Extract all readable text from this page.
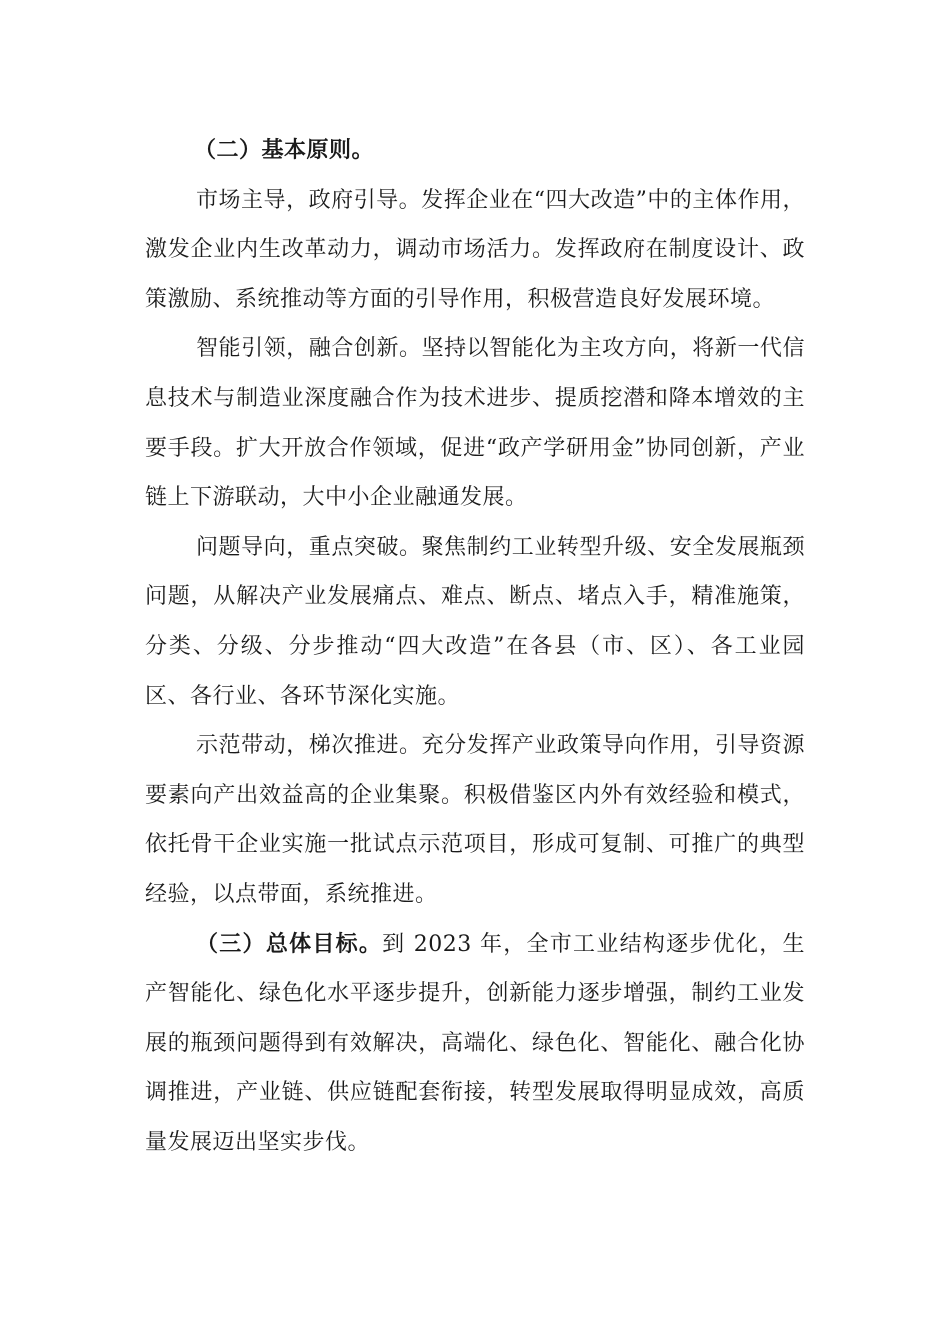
（二）基本原则。

市场主导，政府引导。发挥企业在“四大改造”中的主体作用，激发企业内生改革动力，调动市场活力。发挥政府在制度设计、政策激励、系统推动等方面的引导作用，积极营造良好发展环境。

智能引领，融合创新。坚持以智能化为主攻方向，将新一代信息技术与制造业深度融合作为技术进步、提质挖潜和降本增效的主要手段。扩大开放合作领域，促进“政产学研用金”协同创新，产业链上下游联动，大中小企业融通发展。

问题导向，重点突破。聚焦制约工业转型升级、安全发展瓶颈问题，从解决产业发展痛点、难点、断点、堵点入手，精准施策，分类、分级、分步推动“四大改造”在各县（市、区）、各工业园区、各行业、各环节深化实施。

示范带动，梯次推进。充分发挥产业政策导向作用，引导资源要素向产出效益高的企业集聚。积极借鉴区内外有效经验和模式，依托骨干企业实施一批试点示范项目，形成可复制、可推广的典型经验，以点带面，系统推进。

（三）总体目标。到 2023 年，全市工业结构逐步优化，生产智能化、绿色化水平逐步提升，创新能力逐步增强，制约工业发展的瓶颈问题得到有效解决，高端化、绿色化、智能化、融合化协调推进，产业链、供应链配套衔接，转型发展取得明显成效，高质量发展迈出坚实步伐。
